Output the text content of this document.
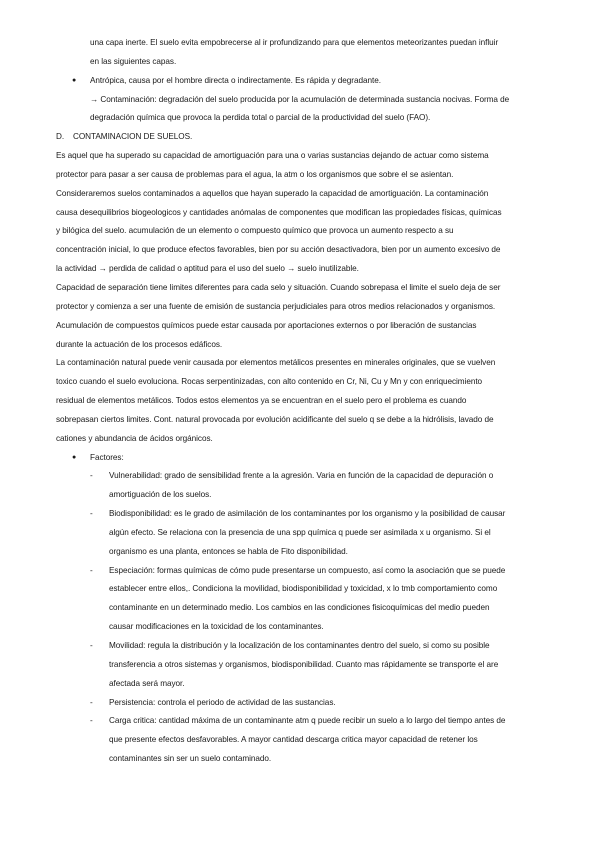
una capa inerte. El suelo evita empobrecerse al ir profundizando para que elementos meteorizantes puedan influir

en las siguientes capas.

● Antrópica, causa por el hombre directa o indirectamente. Es rápida y degradante.

→ Contaminación: degradación del suelo producida por la acumulación de determinada sustancia nocivas. Forma de

degradación química que provoca la perdida total o parcial de la productividad del suelo (FAO).

D. CONTAMINACION DE SUELOS.

Es aquel que ha superado su capacidad de amortiguación para una o varias sustancias dejando de actuar como sistema

protector para pasar a ser causa de problemas para el agua, la atm o los organismos que sobre el se asientan.

Consideraremos suelos contaminados a aquellos que hayan superado la capacidad de amortiguación. La contaminación

causa desequilibrios biogeologicos y cantidades anómalas de componentes que modifican las propiedades físicas, químicas

y bilógica del suelo. acumulación de un elemento o compuesto químico que provoca un aumento respecto a su

concentración inicial, lo que produce efectos favorables, bien por su acción desactivadora, bien por un aumento excesivo de

la actividad → perdida de calidad o aptitud para el uso del suelo → suelo inutilizable.

Capacidad de separación tiene limites diferentes para cada selo y situación. Cuando sobrepasa el limite el suelo deja de ser

protector y comienza a ser una fuente de emisión de sustancia perjudiciales para otros medios relacionados y organismos.

Acumulación de compuestos químicos puede estar causada por aportaciones externos o por liberación de sustancias

durante la actuación de los procesos edáficos.

La contaminación natural puede venir causada por elementos metálicos presentes en minerales originales, que se vuelven

toxico cuando el suelo evoluciona. Rocas serpentinizadas, con alto contenido en Cr, Ni, Cu y Mn y con enriquecimiento

residual de elementos metálicos. Todos estos elementos ya se encuentran en el suelo pero el problema es cuando

sobrepasan ciertos limites. Cont. natural provocada por evolución acidificante del suelo q se debe a la hidrólisis, lavado de

cationes y abundancia de ácidos orgánicos.

● Factores:

- Vulnerabilidad: grado de sensibilidad frente a la agresión. Varia en función de la capacidad de depuración o

amortiguación de los suelos.

- Biodisponibilidad: es le grado de asimilación de los contaminantes por los organismo y la posibilidad de causar

algún efecto. Se relaciona con la presencia de una spp química q puede ser asimilada x u organismo. Si el

organismo es una planta, entonces se habla de Fito disponibilidad.

- Especiación: formas químicas de cómo pude presentarse un compuesto, así como la asociación que se puede

establecer entre ellos,. Condiciona la movilidad, biodisponibilidad y toxicidad, x lo tmb comportamiento como

contaminante en un determinado medio. Los cambios en las condiciones fisicoquímicas del medio pueden

causar modificaciones en la toxicidad de los contaminantes.

- Movilidad: regula la distribución y la localización de los contaminantes dentro del suelo, si como su posible

transferencia a otros sistemas y organismos, biodisponibilidad. Cuanto mas rápidamente se transporte el are

afectada será mayor.

- Persistencia: controla el periodo de actividad de las sustancias.

- Carga critica: cantidad máxima de un contaminante atm q puede recibir un suelo a lo largo del tiempo antes de

que presente efectos desfavorables. A mayor cantidad descarga critica mayor capacidad de retener los

contaminantes sin ser un suelo contaminado.
